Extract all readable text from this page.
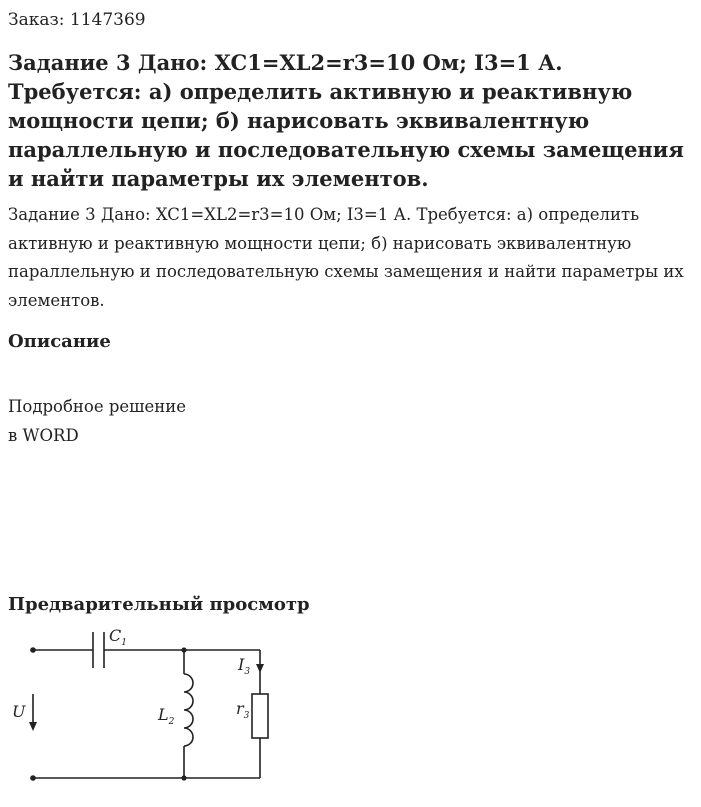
Заказ: 1147369
Задание 3 Дано: XC1=XL2=r3=10 Ом; I3=1 А. Требуется: а) определить активную и реактивную мощности цепи; б) нарисовать эквивалентную параллельную и последовательную схемы замещения и найти параметры их элементов.

Задание 3 Дано: XC1=XL2=r3=10 Ом; I3=1 А. Требуется: а) определить активную и реактивную мощности цепи; б) нарисовать эквивалентную параллельную и последовательную схемы замещения и найти параметры их элементов.

Описание
Подробное решение
в WORD
Предварительный просмотр
$C_1$
U	$L_2$
$I_3$
$r_3$
